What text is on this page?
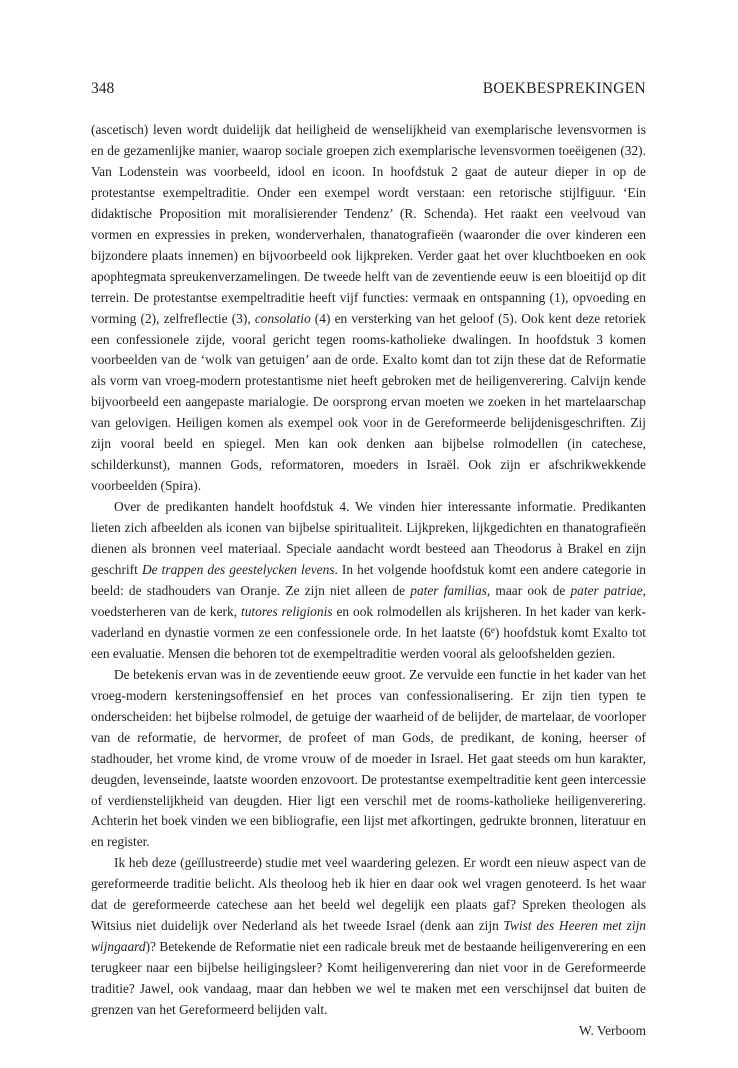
348	BOEKBESPREKINGEN

(ascetisch) leven wordt duidelijk dat heiligheid de wenselijkheid van exemplarische levensvormen is en de gezamenlijke manier, waarop sociale groepen zich exemplarische levensvormen toeëigenen (32). Van Lodenstein was voorbeeld, idool en icoon. In hoofdstuk 2 gaat de auteur dieper in op de protestantse exempeltraditie. Onder een exempel wordt verstaan: een retorische stijlfiguur. ‘Ein didaktische Proposition mit moralisierender Tendenz’ (R. Schenda). Het raakt een veelvoud van vormen en expressies in preken, wonderverhalen, thanatografieën (waaronder die over kinderen een bijzondere plaats innemen) en bijvoorbeeld ook lijkpreken. Verder gaat het over kluchtboeken en ook apophtegmata spreukenverzamelingen. De tweede helft van de zeventiende eeuw is een bloeitijd op dit terrein. De protestantse exempeltraditie heeft vijf functies: vermaak en ontspanning (1), opvoeding en vorming (2), zelfreflectie (3), consolatio (4) en versterking van het geloof (5). Ook kent deze retoriek een confessionele zijde, vooral gericht tegen rooms-katholieke dwalingen. In hoofdstuk 3 komen voorbeelden van de ‘wolk van getuigen’ aan de orde. Exalto komt dan tot zijn these dat de Reformatie als vorm van vroeg-modern protestantisme niet heeft gebroken met de heiligenverering. Calvijn kende bijvoorbeeld een aangepaste marialogie. De oorsprong ervan moeten we zoeken in het martelaarschap van gelovigen. Heiligen komen als exempel ook voor in de Gereformeerde belijdenisgeschriften. Zij zijn vooral beeld en spiegel. Men kan ook denken aan bijbelse rolmodellen (in catechese, schilderkunst), mannen Gods, reformatoren, moeders in Israël. Ook zijn er afschrikwekkende voorbeelden (Spira).

Over de predikanten handelt hoofdstuk 4. We vinden hier interessante informatie. Predikanten lieten zich afbeelden als iconen van bijbelse spiritualiteit. Lijkpreken, lijkgedichten en thanatografieën dienen als bronnen veel materiaal. Speciale aandacht wordt besteed aan Theodorus à Brakel en zijn geschrift De trappen des geestelycken levens. In het volgende hoofdstuk komt een andere categorie in beeld: de stadhouders van Oranje. Ze zijn niet alleen de pater familias, maar ook de pater patriae, voedsterheren van de kerk, tutores religionis en ook rolmodellen als krijsheren. In het kader van kerk-vaderland en dynastie vormen ze een confessionele orde. In het laatste (6e) hoofdstuk komt Exalto tot een evaluatie. Mensen die behoren tot de exempeltraditie werden vooral als geloofshelden gezien.

De betekenis ervan was in de zeventiende eeuw groot. Ze vervulde een functie in het kader van het vroeg-modern kersteningsoffensief en het proces van confessionalisering. Er zijn tien typen te onderscheiden: het bijbelse rolmodel, de getuige der waarheid of de belijder, de martelaar, de voorloper van de reformatie, de hervormer, de profeet of man Gods, de predikant, de koning, heerser of stadhouder, het vrome kind, de vrome vrouw of de moeder in Israel. Het gaat steeds om hun karakter, deugden, levenseinde, laatste woorden enzovoort. De protestantse exempeltraditie kent geen intercessie of verdienstelijkheid van deugden. Hier ligt een verschil met de rooms-katholieke heiligenverering. Achterin het boek vinden we een bibliografie, een lijst met afkortingen, gedrukte bronnen, literatuur en en register.

Ik heb deze (geïllustreerde) studie met veel waardering gelezen. Er wordt een nieuw aspect van de gereformeerde traditie belicht. Als theoloog heb ik hier en daar ook wel vragen genoteerd. Is het waar dat de gereformeerde catechese aan het beeld wel degelijk een plaats gaf? Spreken theologen als Witsius niet duidelijk over Nederland als het tweede Israel (denk aan zijn Twist des Heeren met zijn wijngaard)? Betekende de Reformatie niet een radicale breuk met de bestaande heiligenverering en een terugkeer naar een bijbelse heiligingsleer? Komt heiligenverering dan niet voor in de Gereformeerde traditie? Jawel, ook vandaag, maar dan hebben we wel te maken met een verschijnsel dat buiten de grenzen van het Gereformeerd belijden valt.

W. Verboom
